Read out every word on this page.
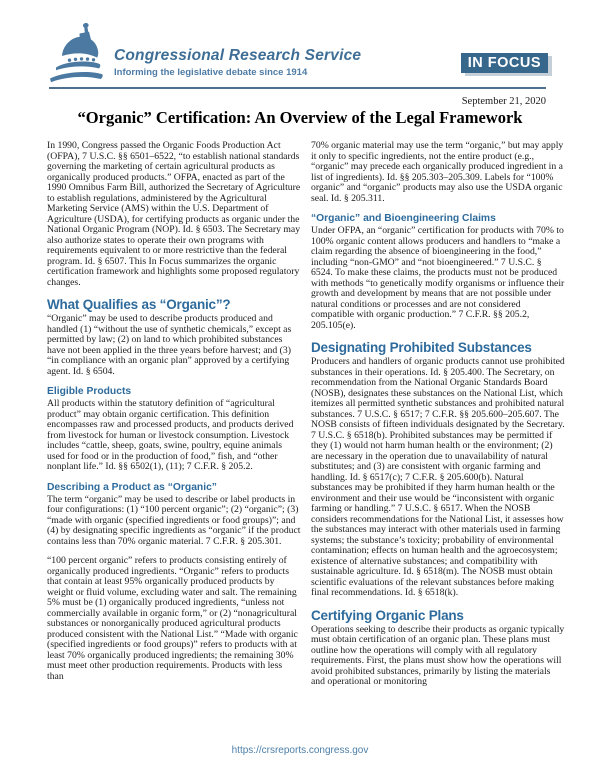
Congressional Research Service
Informing the legislative debate since 1914
IN FOCUS
September 21, 2020
“Organic” Certification: An Overview of the Legal Framework

In 1990, Congress passed the Organic Foods Production Act (OFPA), 7 U.S.C. §§ 6501–6522, “to establish national standards governing the marketing of certain agricultural products as organically produced products.” OFPA, enacted as part of the 1990 Omnibus Farm Bill, authorized the Secretary of Agriculture to establish regulations, administered by the Agricultural Marketing Service (AMS) within the U.S. Department of Agriculture (USDA), for certifying products as organic under the National Organic Program (NOP). Id. § 6503. The Secretary may also authorize states to operate their own programs with requirements equivalent to or more restrictive than the federal program. Id. § 6507. This In Focus summarizes the organic certification framework and highlights some proposed regulatory changes.

What Qualifies as “Organic”?

“Organic” may be used to describe products produced and handled (1) “without the use of synthetic chemicals,” except as permitted by law; (2) on land to which prohibited substances have not been applied in the three years before harvest; and (3) “in compliance with an organic plan” approved by a certifying agent. Id. § 6504.

Eligible Products

All products within the statutory definition of “agricultural product” may obtain organic certification. This definition encompasses raw and processed products, and products derived from livestock for human or livestock consumption. Livestock includes “cattle, sheep, goats, swine, poultry, equine animals used for food or in the production of food,” fish, and “other nonplant life.” Id. §§ 6502(1), (11); 7 C.F.R. § 205.2.

Describing a Product as “Organic”

The term “organic” may be used to describe or label products in four configurations: (1) “100 percent organic”; (2) “organic”; (3) “made with organic (specified ingredients or food groups)”; and (4) by designating specific ingredients as “organic” if the product contains less than 70% organic material. 7 C.F.R. § 205.301.

“100 percent organic” refers to products consisting entirely of organically produced ingredients. “Organic” refers to products that contain at least 95% organically produced products by weight or fluid volume, excluding water and salt. The remaining 5% must be (1) organically produced ingredients, “unless not commercially available in organic form,” or (2) “nonagricultural substances or nonorganically produced agricultural products produced consistent with the National List.” “Made with organic (specified ingredients or food groups)” refers to products with at least 70% organically produced ingredients; the remaining 30% must meet other production requirements. Products with less than

70% organic material may use the term “organic,” but may apply it only to specific ingredients, not the entire product (e.g., “organic” may precede each organically produced ingredient in a list of ingredients). Id. §§ 205.303–205.309. Labels for “100% organic” and “organic” products may also use the USDA organic seal. Id. § 205.311.

“Organic” and Bioengineering Claims

Under OFPA, an “organic” certification for products with 70% to 100% organic content allows producers and handlers to “make a claim regarding the absence of bioengineering in the food,” including “non-GMO” and “not bioengineered.” 7 U.S.C. § 6524. To make these claims, the products must not be produced with methods “to genetically modify organisms or influence their growth and development by means that are not possible under natural conditions or processes and are not considered compatible with organic production.” 7 C.F.R. §§ 205.2, 205.105(e).

Designating Prohibited Substances

Producers and handlers of organic products cannot use prohibited substances in their operations. Id. § 205.400. The Secretary, on recommendation from the National Organic Standards Board (NOSB), designates these substances on the National List, which itemizes all permitted synthetic substances and prohibited natural substances. 7 U.S.C. § 6517; 7 C.F.R. §§ 205.600–205.607. The NOSB consists of fifteen individuals designated by the Secretary. 7 U.S.C. § 6518(b). Prohibited substances may be permitted if they (1) would not harm human health or the environment; (2) are necessary in the operation due to unavailability of natural substitutes; and (3) are consistent with organic farming and handling. Id. § 6517(c); 7 C.F.R. § 205.600(b). Natural substances may be prohibited if they harm human health or the environment and their use would be “inconsistent with organic farming or handling.” 7 U.S.C. § 6517. When the NOSB considers recommendations for the National List, it assesses how the substances may interact with other materials used in farming systems; the substance’s toxicity; probability of environmental contamination; effects on human health and the agroecosystem; existence of alternative substances; and compatibility with sustainable agriculture. Id. § 6518(m). The NOSB must obtain scientific evaluations of the relevant substances before making final recommendations. Id. § 6518(k).

Certifying Organic Plans

Operations seeking to describe their products as organic typically must obtain certification of an organic plan. These plans must outline how the operations will comply with all regulatory requirements. First, the plans must show how the operations will avoid prohibited substances, primarily by listing the materials and operational or monitoring

https://crsreports.congress.gov
